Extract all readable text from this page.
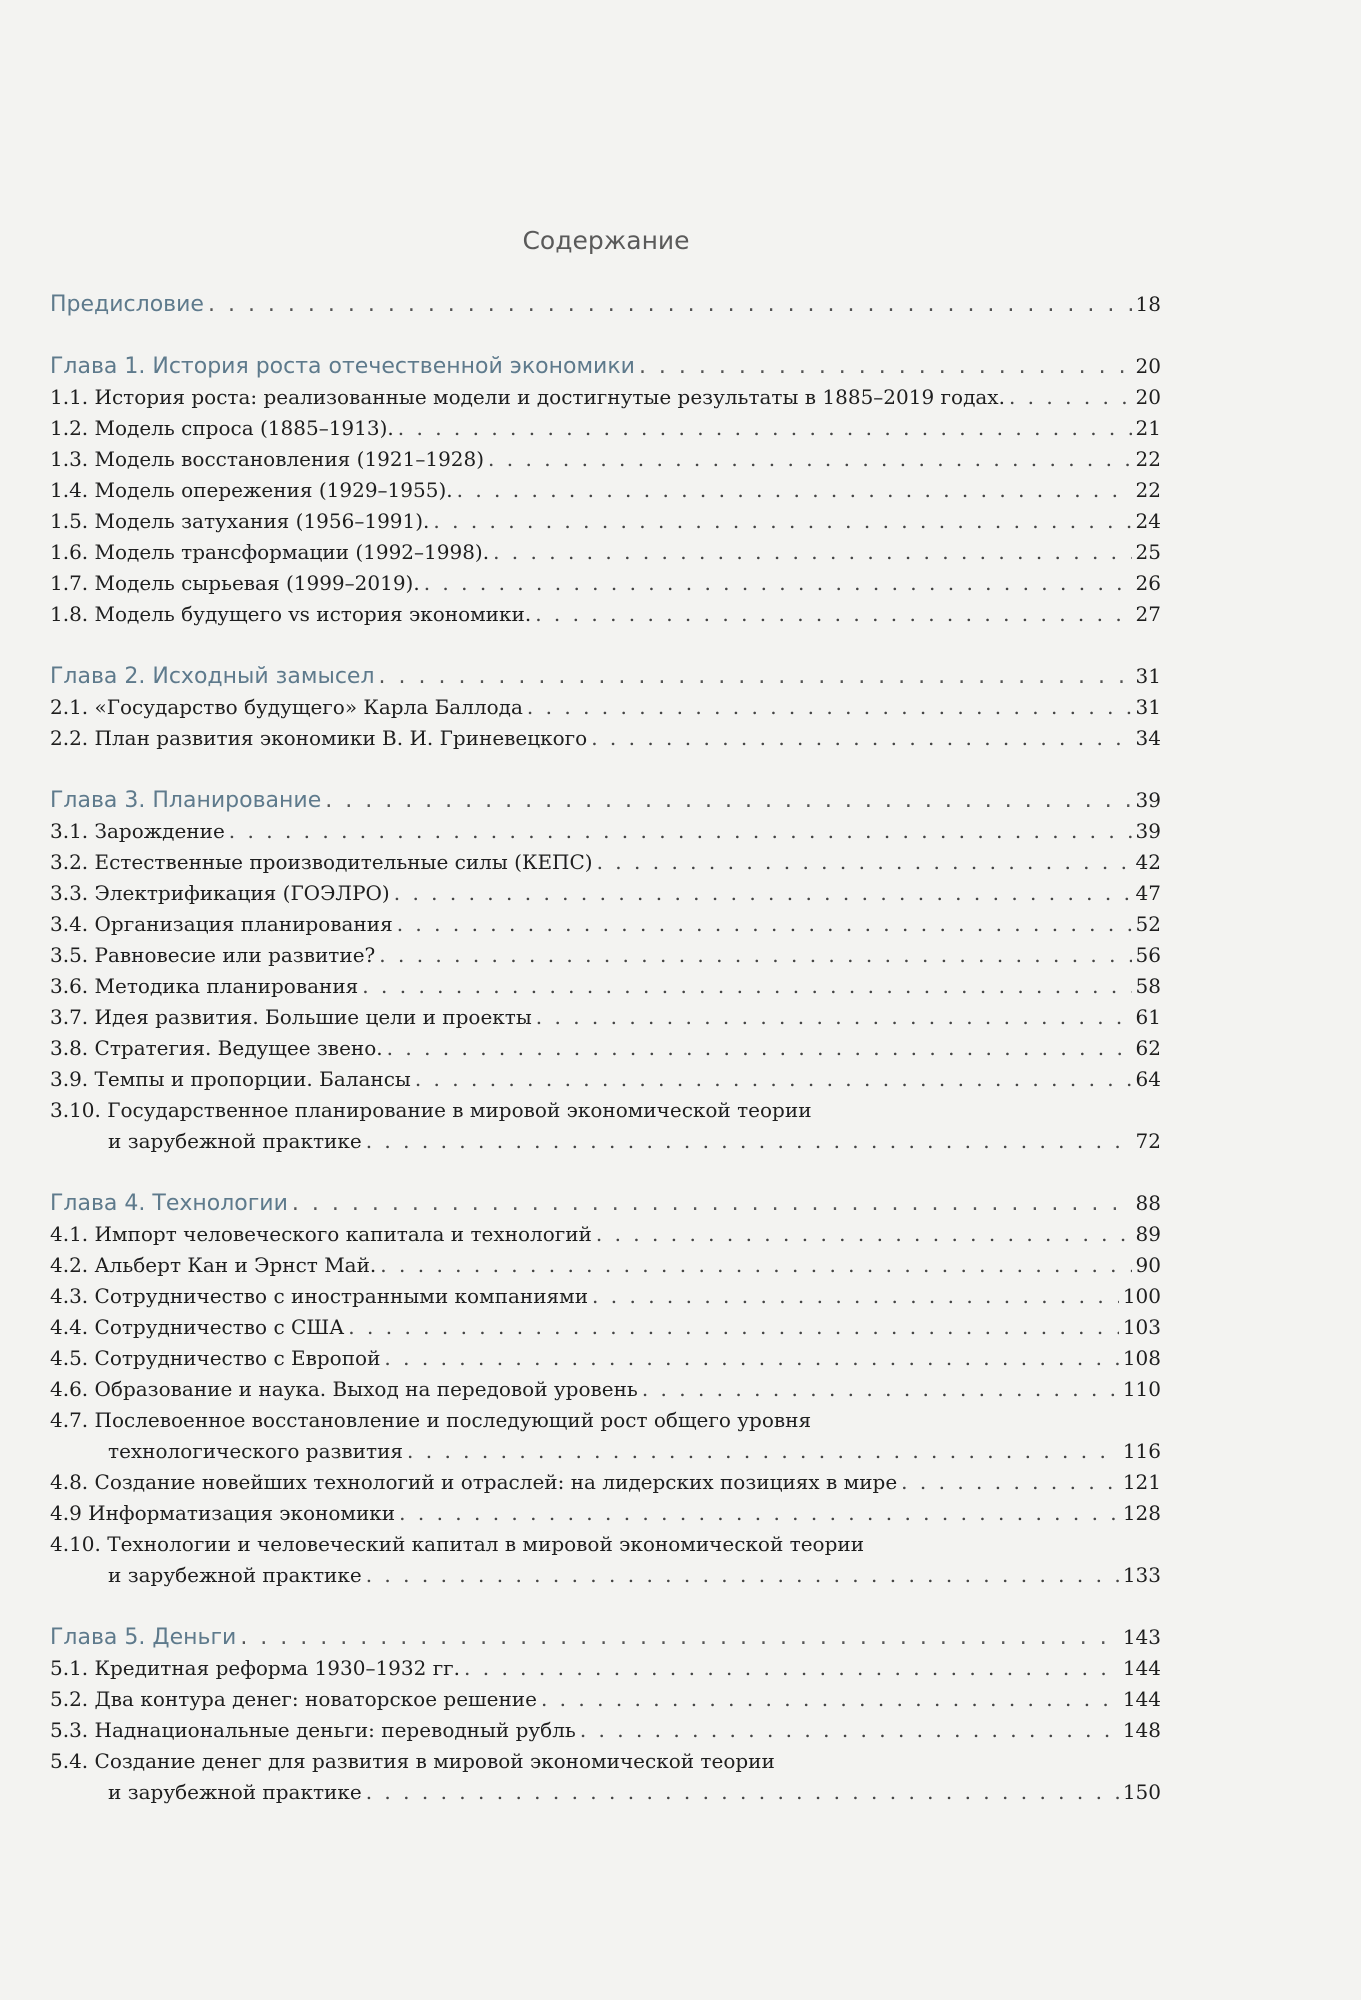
Содержание
Предисловие . . .	18
Глава 1. История роста отечественной экономики . . .	20
1.1. История роста: реализованные модели и достигнутые результаты в 1885–2019 годах. . . .	20
1.2. Модель спроса (1885–1913). . . .	21
1.3. Модель восстановления (1921–1928) . . .	22
1.4. Модель опережения (1929–1955). . . .	22
1.5. Модель затухания (1956–1991). . . .	24
1.6. Модель трансформации (1992–1998). . . .	25
1.7. Модель сырьевая (1999–2019). . . .	26
1.8. Модель будущего vs история экономики. . . .	27
Глава 2. Исходный замысел . . .	31
2.1. «Государство будущего» Карла Баллода . . .	31
2.2. План развития экономики В. И. Гриневецкого . . .	34
Глава 3. Планирование . . .	39
3.1. Зарождение . . .	39
3.2. Естественные производительные силы (КЕПС) . . .	42
3.3. Электрификация (ГОЭЛРО) . . .	47
3.4. Организация планирования . . .	52
3.5. Равновесие или развитие? . . .	56
3.6. Методика планирования . . .	58
3.7. Идея развития. Большие цели и проекты . . .	61
3.8. Стратегия. Ведущее звено. . . .	62
3.9. Темпы и пропорции. Балансы . . .	64
3.10. Государственное планирование в мировой экономической теории
и зарубежной практике . . .	72
Глава 4. Технологии . . .	88
4.1. Импорт человеческого капитала и технологий . . .	89
4.2. Альберт Кан и Эрнст Май. . . .	90
4.3. Сотрудничество с иностранными компаниями . . .	100
4.4. Сотрудничество с США . . .	103
4.5. Сотрудничество с Европой . . .	108
4.6. Образование и наука. Выход на передовой уровень . . .	110
4.7. Послевоенное восстановление и последующий рост общего уровня
технологического развития . . .	116
4.8. Создание новейших технологий и отраслей: на лидерских позициях в мире . . .	121
4.9 Информатизация экономики . . .	128
4.10. Технологии и человеческий капитал в мировой экономической теории
и зарубежной практике . . .	133
Глава 5. Деньги . . .	143
5.1. Кредитная реформа 1930–1932 гг. . . .	144
5.2. Два контура денег: новаторское решение . . .	144
5.3. Наднациональные деньги: переводный рубль . . .	148
5.4. Создание денег для развития в мировой экономической теории
и зарубежной практике . . .	150
